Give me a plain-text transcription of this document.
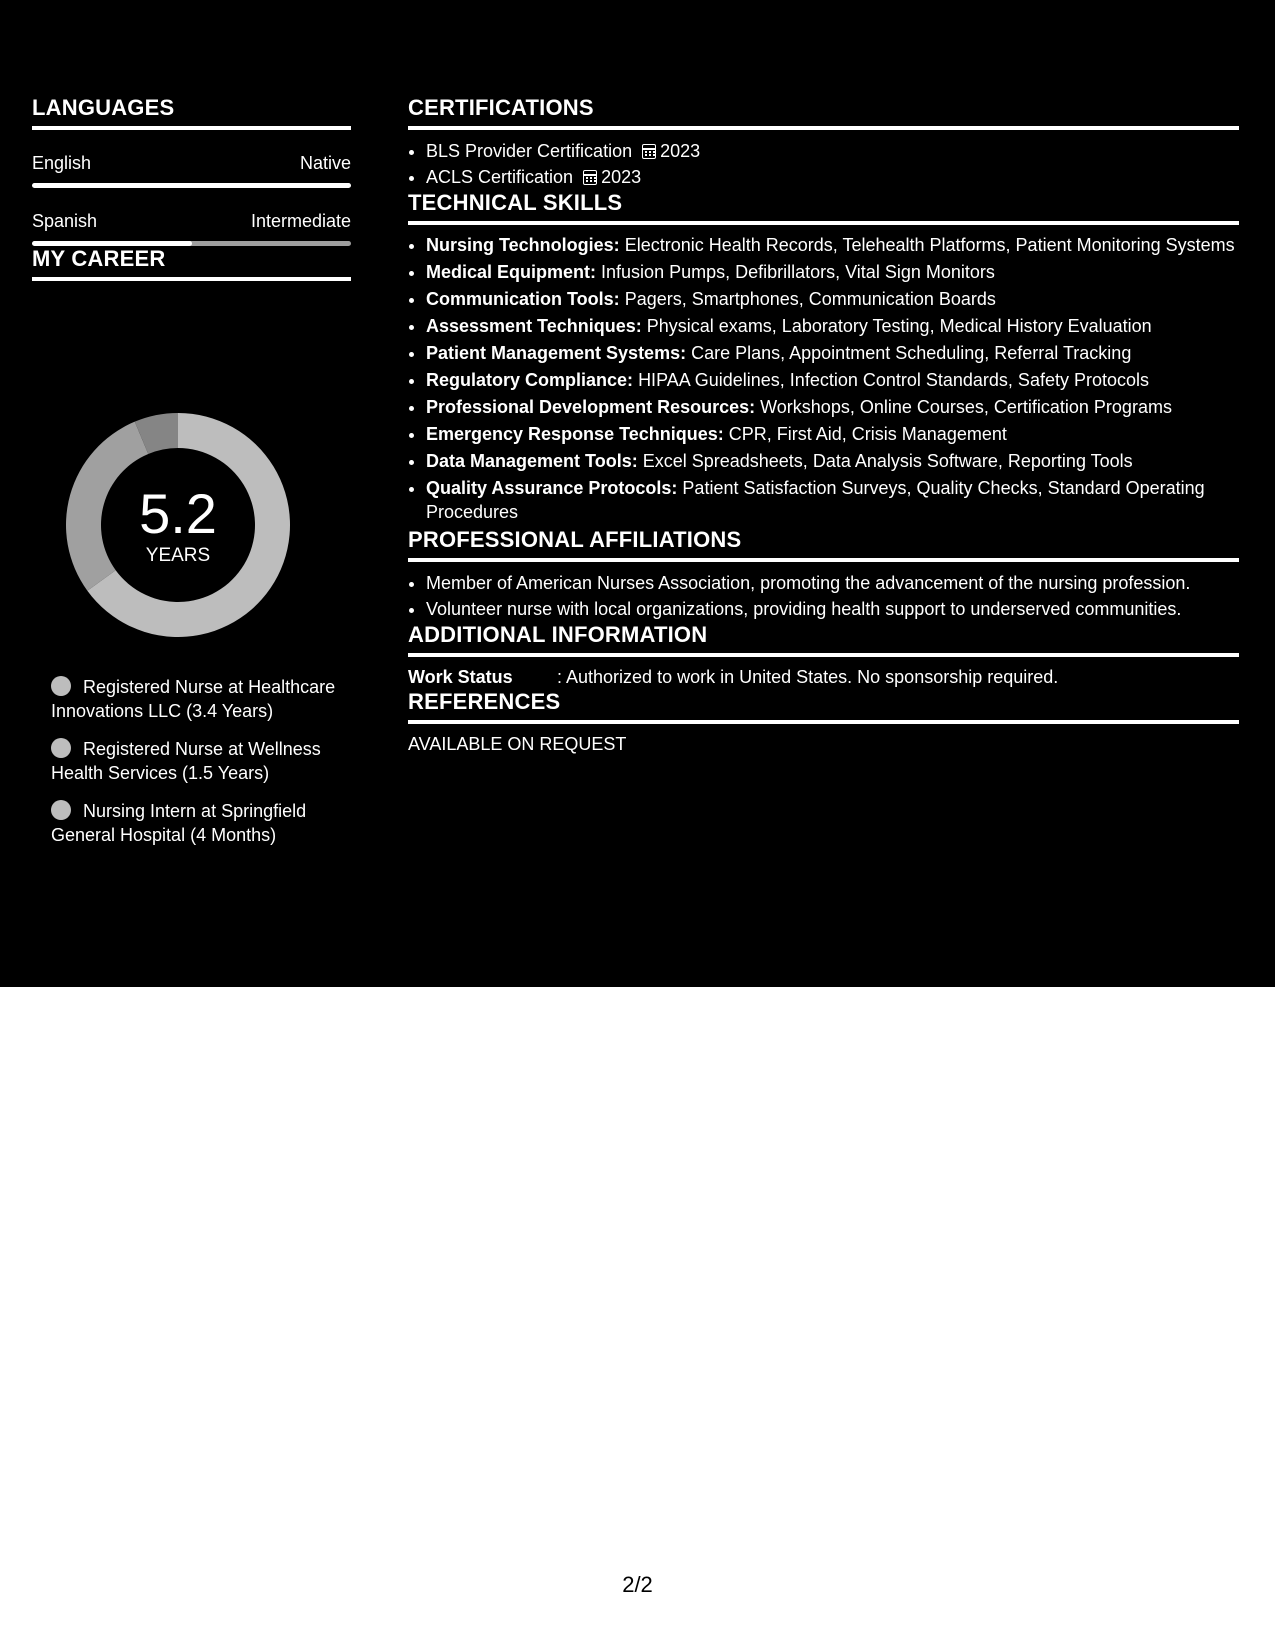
LANGUAGES
English	Native
Spanish	Intermediate
MY CAREER
5.2
YEARS
Registered Nurse at Healthcare Innovations LLC (3.4 Years)
Registered Nurse at Wellness Health Services (1.5 Years)
Nursing Intern at Springfield General Hospital (4 Months)
CERTIFICATIONS
• BLS Provider Certification 2023
• ACLS Certification 2023
TECHNICAL SKILLS
• Nursing Technologies: Electronic Health Records, Telehealth Platforms, Patient Monitoring Systems
• Medical Equipment: Infusion Pumps, Defibrillators, Vital Sign Monitors
• Communication Tools: Pagers, Smartphones, Communication Boards
• Assessment Techniques: Physical exams, Laboratory Testing, Medical History Evaluation
• Patient Management Systems: Care Plans, Appointment Scheduling, Referral Tracking
• Regulatory Compliance: HIPAA Guidelines, Infection Control Standards, Safety Protocols
• Professional Development Resources: Workshops, Online Courses, Certification Programs
• Emergency Response Techniques: CPR, First Aid, Crisis Management
• Data Management Tools: Excel Spreadsheets, Data Analysis Software, Reporting Tools
• Quality Assurance Protocols: Patient Satisfaction Surveys, Quality Checks, Standard Operating Procedures
PROFESSIONAL AFFILIATIONS
• Member of American Nurses Association, promoting the advancement of the nursing profession.
• Volunteer nurse with local organizations, providing health support to underserved communities.
ADDITIONAL INFORMATION
Work Status	: Authorized to work in United States. No sponsorship required.
REFERENCES
AVAILABLE ON REQUEST
2/2
